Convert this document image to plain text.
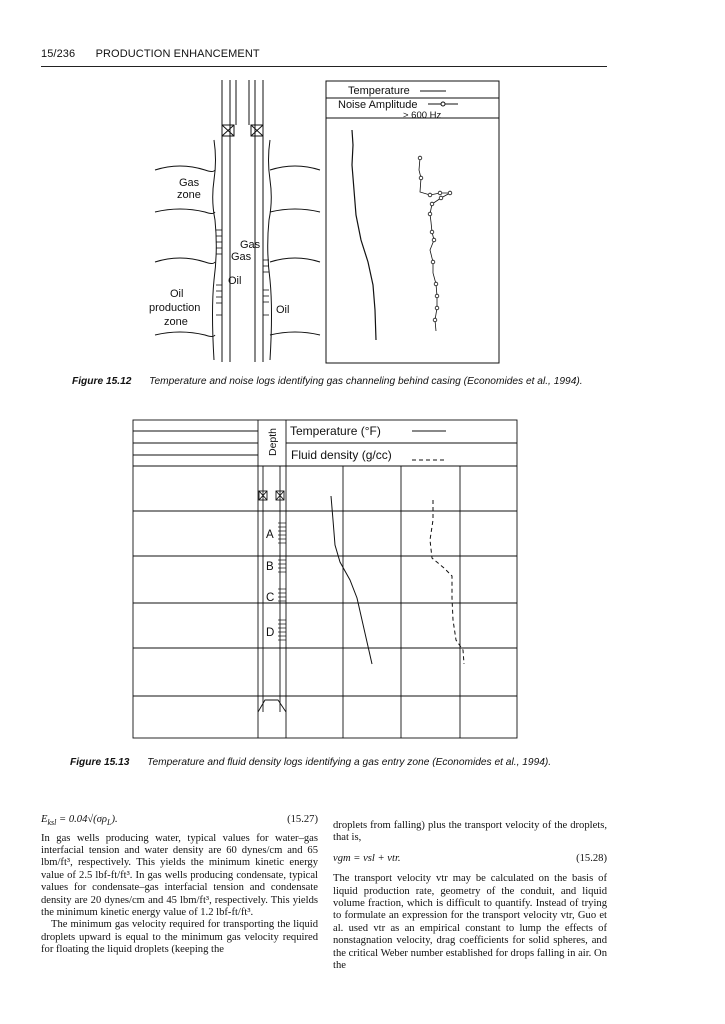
15/236 PRODUCTION ENHANCEMENT
Gas
zone
Gas
Gas
Oil
Oil
production
zone
Oil
Temperature
Noise Amplitude
> 600 Hz
Figure 15.12 Temperature and noise logs identifying gas channeling behind casing (Economides et al., 1994).
Depth Temperature (°F)
Fluid density (g/cc)
A
B
C
D
Figure 15.13 Temperature and fluid density logs identifying a gas entry zone (Economides et al., 1994).
$E_{ksl} = 0.04√(\sigma\rho_L)$.	(15.27)

In gas wells producing water, typical values for water–gas interfacial tension and water density are 60 dynes/cm and 65 lbm/ft³, respectively. This yields the minimum kinetic energy value of 2.5 lbf-ft/ft³. In gas wells producing condensate, typical values for condensate–gas interfacial tension and condensate density are 20 dynes/cm and 45 lbm/ft³, respectively. This yields the minimum kinetic energy value of 1.2 lbf-ft/ft³.

The minimum gas velocity required for transporting the liquid droplets upward is equal to the minimum gas velocity required for floating the liquid droplets (keeping the

droplets from falling) plus the transport velocity of the droplets, that is,

vgm = vsl + vtr.	(15.28)

The transport velocity vtr may be calculated on the basis of liquid production rate, geometry of the conduit, and liquid volume fraction, which is difficult to quantify. Instead of trying to formulate an expression for the transport velocity vtr, Guo et al. used vtr as an empirical constant to lump the effects of nonstagnation velocity, drag coefficients for solid spheres, and the critical Weber number established for drops falling in air. On the
